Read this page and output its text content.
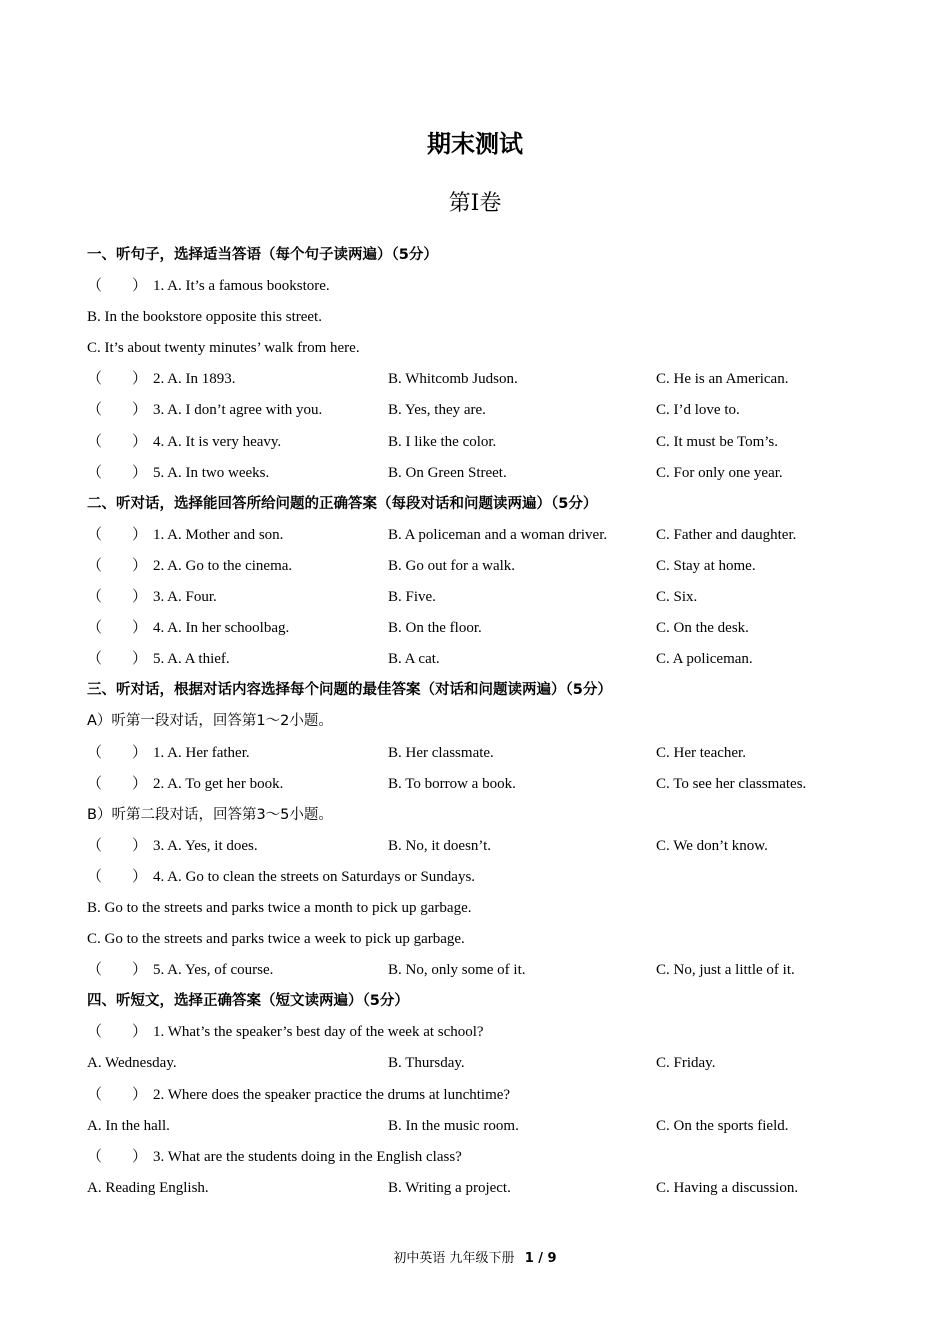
期末测试
第Ⅰ卷
一、听句子，选择适当答语（每个句子读两遍）（5分）
（　　） 1. A. It’s a famous bookstore.
B. In the bookstore opposite this street.
C. It’s about twenty minutes’ walk from here.
（　　） 2. A. In 1893.	B. Whitcomb Judson.	C. He is an American.
（　　） 3. A. I don’t agree with you.	B. Yes, they are.	C. I’d love to.
（　　） 4. A. It is very heavy.	B. I like the color.	C. It must be Tom’s.
（　　） 5. A. In two weeks.	B. On Green Street.	C. For only one year.
二、听对话，选择能回答所给问题的正确答案（每段对话和问题读两遍）（5分）
（　　） 1. A. Mother and son.	B. A policeman and a woman driver.	C. Father and daughter.
（　　） 2. A. Go to the cinema.	B. Go out for a walk.	C. Stay at home.
（　　） 3. A. Four.	B. Five.	C. Six.
（　　） 4. A. In her schoolbag.	B. On the floor.	C. On the desk.
（　　） 5. A. A thief.	B. A cat.	C. A policeman.
三、听对话，根据对话内容选择每个问题的最佳答案（对话和问题读两遍）（5分）
A）听第一段对话，回答第1～2小题。
（　　） 1. A. Her father.	B. Her classmate.	C. Her teacher.
（　　） 2. A. To get her book.	B. To borrow a book.	C. To see her classmates.
B）听第二段对话，回答第3～5小题。
（　　） 3. A. Yes, it does.	B. No, it doesn’t.	C. We don’t know.
（　　） 4. A. Go to clean the streets on Saturdays or Sundays.
B. Go to the streets and parks twice a month to pick up garbage.
C. Go to the streets and parks twice a week to pick up garbage.
（　　） 5. A. Yes, of course.	B. No, only some of it.	C. No, just a little of it.
四、听短文，选择正确答案（短文读两遍）（5分）
（　　） 1. What’s the speaker’s best day of the week at school?
A. Wednesday.	B. Thursday.	C. Friday.
（　　） 2. Where does the speaker practice the drums at lunchtime?
A. In the hall.	B. In the music room.	C. On the sports field.
（　　） 3. What are the students doing in the English class?
A. Reading English.	B. Writing a project.	C. Having a discussion.
初中英语 九年级下册 1 / 9
